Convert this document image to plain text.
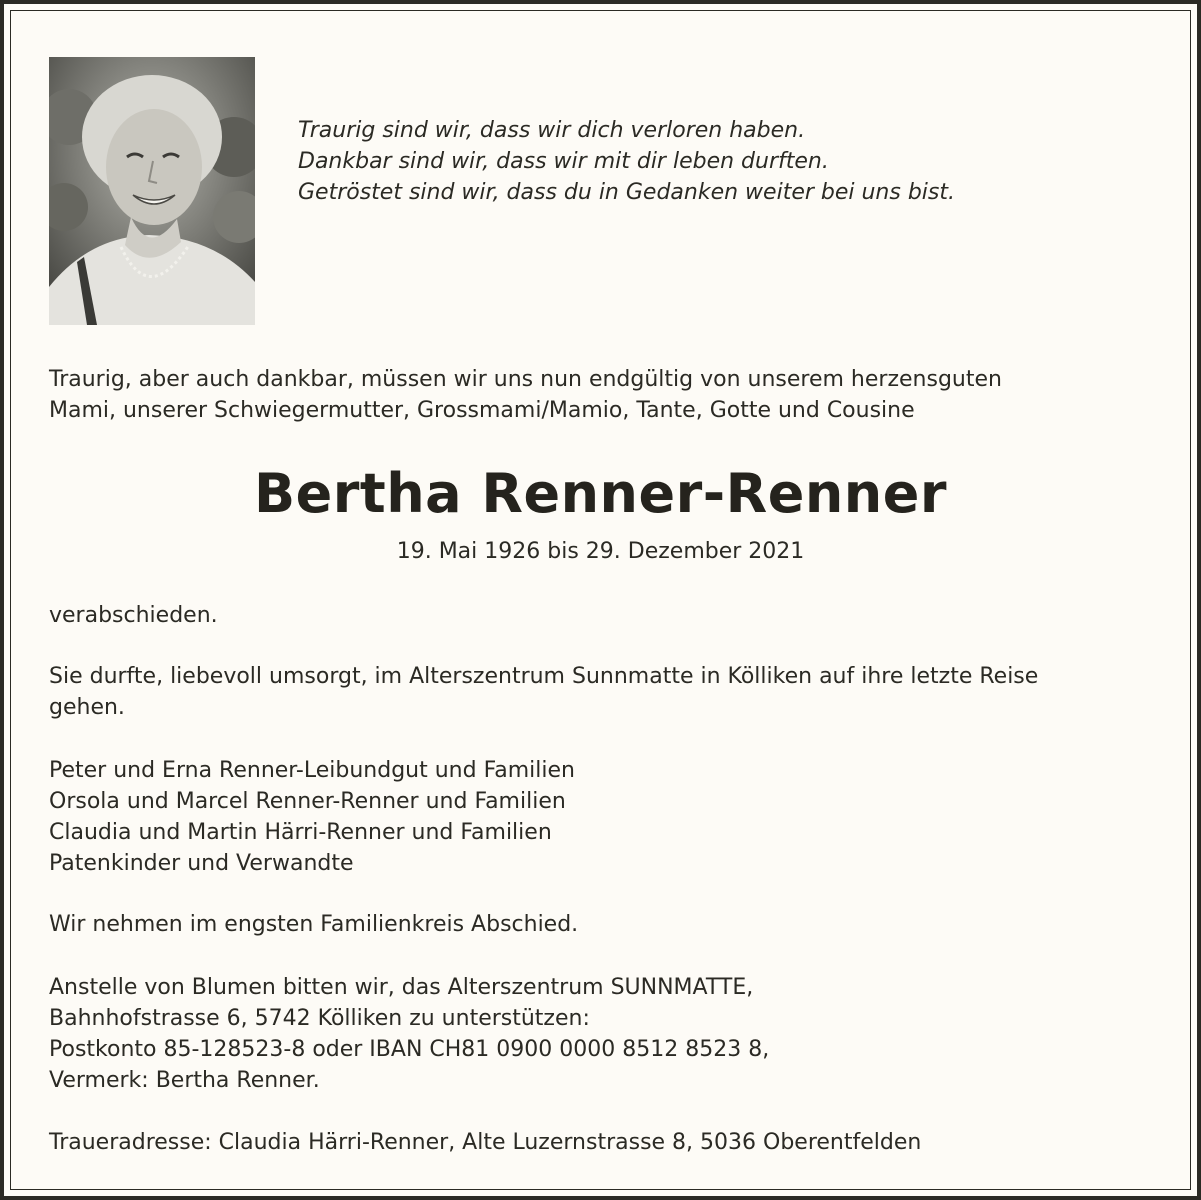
Traurig sind wir, dass wir dich verloren haben.
Dankbar sind wir, dass wir mit dir leben durften.
Getröstet sind wir, dass du in Gedanken weiter bei uns bist.
Traurig, aber auch dankbar, müssen wir uns nun endgültig von unserem herzensguten
Mami, unserer Schwiegermutter, Grossmami/Mamio, Tante, Gotte und Cousine
Bertha Renner-Renner
19. Mai 1926 bis 29. Dezember 2021
verabschieden.
Sie durfte, liebevoll umsorgt, im Alterszentrum Sunnmatte in Kölliken auf ihre letzte Reise
gehen.
Peter und Erna Renner-Leibundgut und Familien
Orsola und Marcel Renner-Renner und Familien
Claudia und Martin Härri-Renner und Familien
Patenkinder und Verwandte
Wir nehmen im engsten Familienkreis Abschied.
Anstelle von Blumen bitten wir, das Alterszentrum SUNNMATTE,
Bahnhofstrasse 6, 5742 Kölliken zu unterstützen:
Postkonto 85-128523-8 oder IBAN CH81 0900 0000 8512 8523 8,
Vermerk: Bertha Renner.
Traueradresse: Claudia Härri-Renner, Alte Luzernstrasse 8, 5036 Oberentfelden
